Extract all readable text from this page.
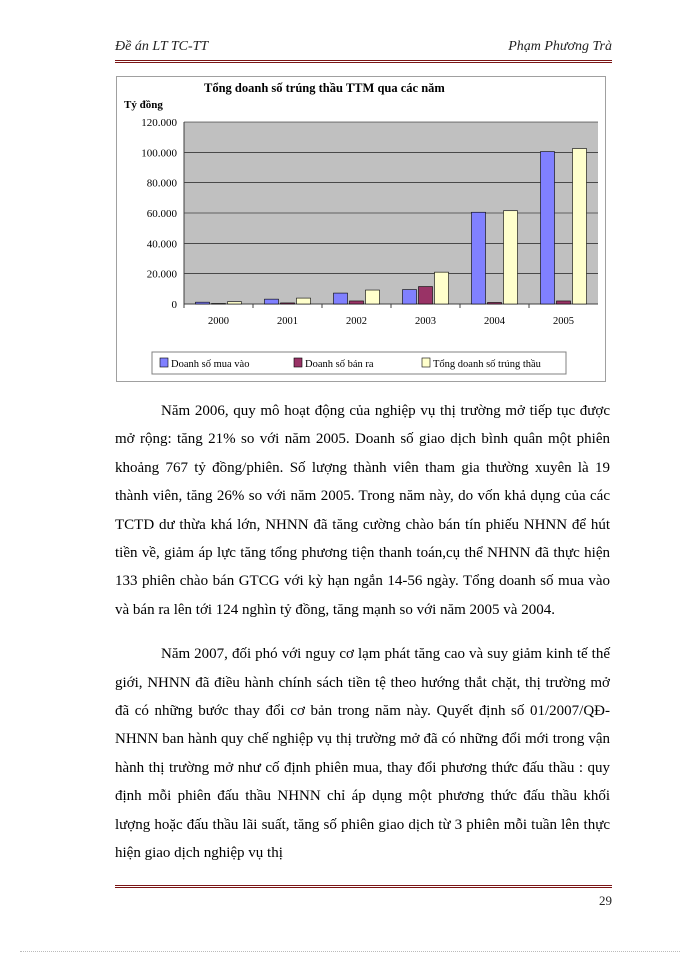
Đề án LT TC-TT	Phạm Phương Trà
Tổng doanh số trúng thầu TTM qua các năm
Tỷ đồng
0
20.000
40.000
60.000
80.000
100.000
120.000
2000	2001	2002	2003	2004	2005
Doanh số mua vào	Doanh số bán ra	Tổng doanh số trúng thầu

Năm 2006, quy mô hoạt động của nghiệp vụ thị trường mở tiếp tục được mở rộng: tăng 21% so với năm 2005. Doanh số giao dịch bình quân một phiên khoảng 767 tỷ đồng/phiên. Số lượng thành viên tham gia thường xuyên là 19 thành viên, tăng 26% so với năm 2005. Trong năm này, do vốn khả dụng của các TCTD dư thừa khá lớn, NHNN đã tăng cường chào bán tín phiếu NHNN để hút tiền về, giảm áp lực tăng tổng phương tiện thanh toán,cụ thể NHNN đã thực hiện 133 phiên chào bán GTCG với kỳ hạn ngắn 14-56 ngày. Tổng doanh số mua vào và bán ra lên tới 124 nghìn tỷ đồng, tăng mạnh so với năm 2005 và 2004.

Năm 2007, đối phó với nguy cơ lạm phát tăng cao và suy giảm kinh tế thế giới, NHNN đã điều hành chính sách tiền tệ theo hướng thắt chặt, thị trường mở đã có những bước thay đổi cơ bản trong năm này. Quyết định số 01/2007/QĐ-NHNN ban hành quy chế nghiệp vụ thị trường mở đã có những đổi mới trong vận hành thị trường mở như cố định phiên mua, thay đổi phương thức đấu thầu : quy định mỗi phiên đấu thầu NHNN chỉ áp dụng một phương thức đấu thầu khối lượng hoặc đấu thầu lãi suất, tăng số phiên giao dịch từ 3 phiên mỗi tuần lên thực hiện giao dịch nghiệp vụ thị

29
